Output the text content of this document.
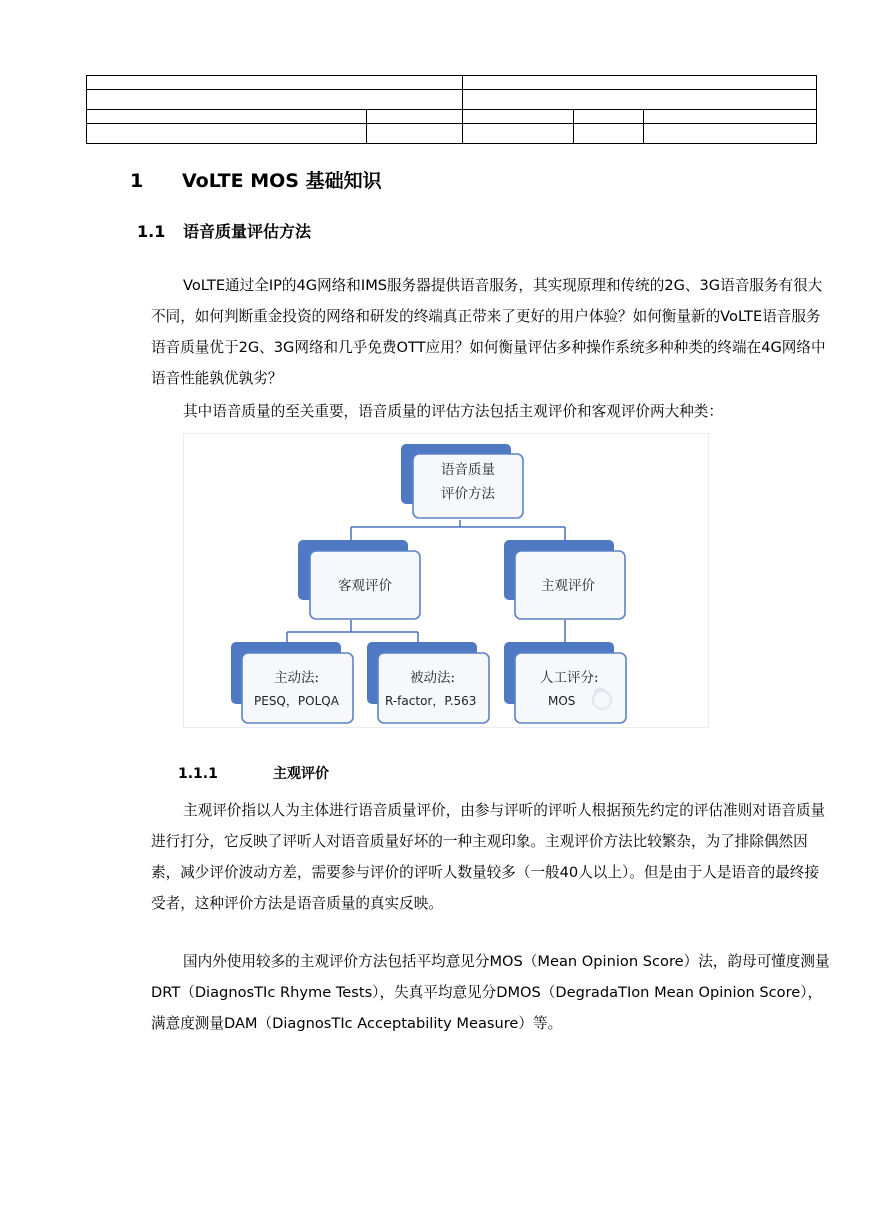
1 VoLTE MOS 基础知识
1.1 语音质量评估方法

VoLTE通过全IP的4G网络和IMS服务器提供语音服务，其实现原理和传统的2G、3G语音服务有很大不同，如何判断重金投资的网络和研发的终端真正带来了更好的用户体验？如何衡量新的VoLTE语音服务语音质量优于2G、3G网络和几乎免费OTT应用？如何衡量评估多种操作系统多种种类的终端在4G网络中语音性能孰优孰劣？

其中语音质量的至关重要，语音质量的评估方法包括主观评价和客观评价两大种类：

语音质量
评价方法
客观评价	主观评价
主动法:
PESQ，POLQA
被动法:
R-factor，P.563
人工评分:
MOS
1.1.1	主观评价

主观评价指以人为主体进行语音质量评价，由参与评听的评听人根据预先约定的评估准则对语音质量进行打分，它反映了评听人对语音质量好坏的一种主观印象。主观评价方法比较繁杂，为了排除偶然因素，减少评价波动方差，需要参与评价的评听人数量较多（一般40人以上）。但是由于人是语音的最终接受者，这种评价方法是语音质量的真实反映。

国内外使用较多的主观评价方法包括平均意见分MOS（Mean Opinion Score）法，韵母可懂度测量DRT（DiagnosTIc Rhyme Tests），失真平均意见分DMOS（DegradaTIon Mean Opinion Score），满意度测量DAM（DiagnosTIc Acceptability Measure）等。
